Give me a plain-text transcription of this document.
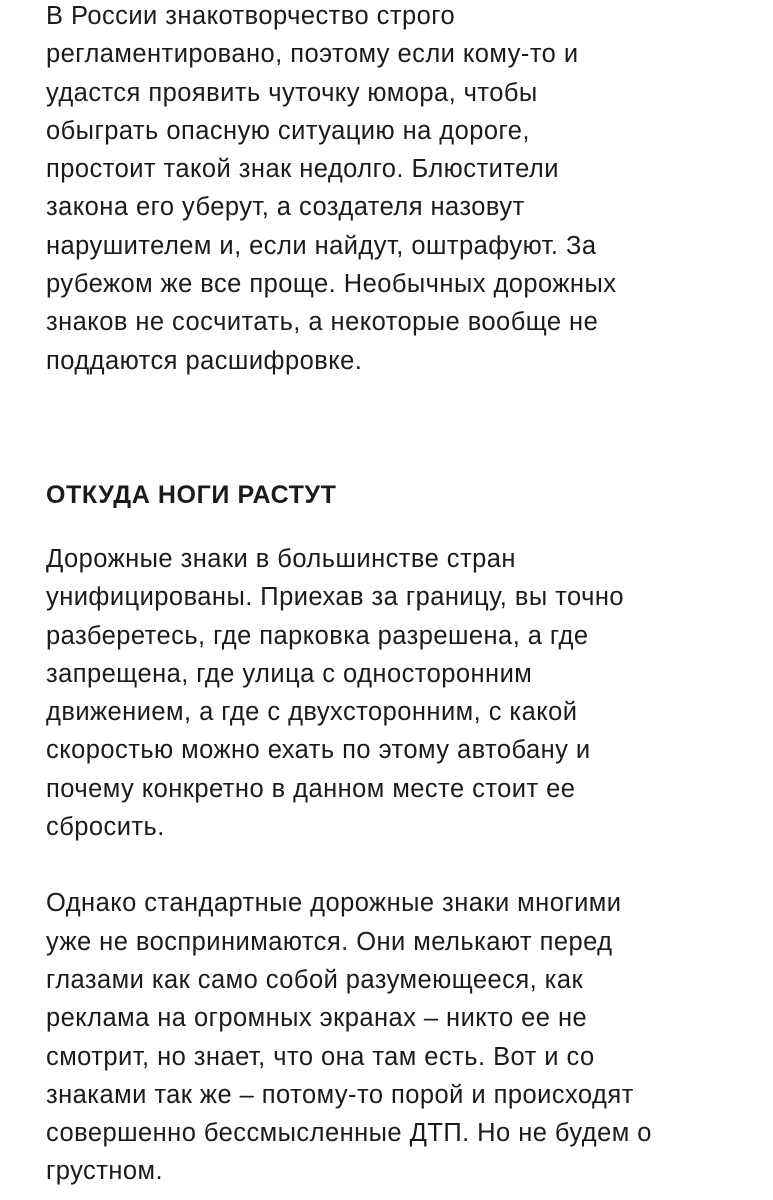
В России знакотворчество строго
регламентировано, поэтому если кому-то и
удастся проявить чуточку юмора, чтобы
обыграть опасную ситуацию на дороге,
простоит такой знак недолго. Блюстители
закона его уберут, а создателя назовут
нарушителем и, если найдут, оштрафуют. За
рубежом же все проще. Необычных дорожных
знаков не сосчитать, а некоторые вообще не
поддаются расшифровке.

ОТКУДА НОГИ РАСТУТ

Дорожные знаки в большинстве стран
унифицированы. Приехав за границу, вы точно
разберетесь, где парковка разрешена, а где
запрещена, где улица с односторонним
движением, а где с двухсторонним, с какой
скоростью можно ехать по этому автобану и
почему конкретно в данном месте стоит ее
сбросить.

Однако стандартные дорожные знаки многими
уже не воспринимаются. Они мелькают перед
глазами как само собой разумеющееся, как
реклама на огромных экранах – никто ее не
смотрит, но знает, что она там есть. Вот и со
знаками так же – потому-то порой и происходят
совершенно бессмысленные ДТП. Но не будем о
грустном.
